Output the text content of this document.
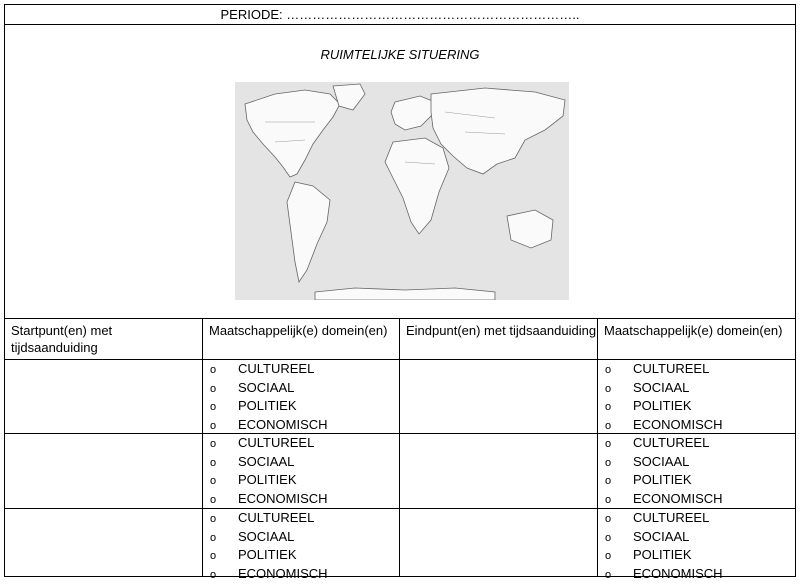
PERIODE: …………………………………………………………..
RUIMTELIJKE SITUERING
Startpunt(en) met tijdsaanduiding
Maatschappelijk(e) domein(en)	Eindpunt(en) met tijdsaanduiding Maatschappelijk(e) domein(en)
o CULTUREEL
o SOCIAAL
o POLITIEK
o ECONOMISCH
o CULTUREEL
o SOCIAAL
o POLITIEK
o ECONOMISCH
o CULTUREEL
o SOCIAAL
o POLITIEK
o ECONOMISCH
o CULTUREEL
o SOCIAAL
o POLITIEK
o ECONOMISCH
o CULTUREEL
o SOCIAAL
o POLITIEK
o ECONOMISCH
o CULTUREEL
o SOCIAAL
o POLITIEK
o ECONOMISCH
